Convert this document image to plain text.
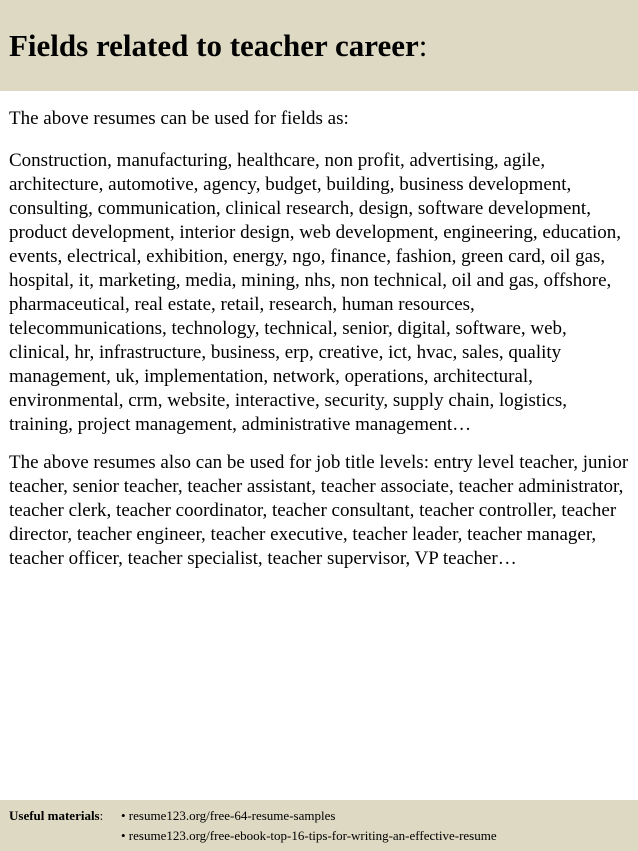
Fields related to teacher career:

The above resumes can be used for fields as:

Construction, manufacturing, healthcare, non profit, advertising, agile, architecture, automotive, agency, budget, building, business development, consulting, communication, clinical research, design, software development, product development, interior design, web development, engineering, education, events, electrical, exhibition, energy, ngo, finance, fashion, green card, oil gas, hospital, it, marketing, media, mining, nhs, non technical, oil and gas, offshore, pharmaceutical, real estate, retail, research, human resources, telecommunications, technology, technical, senior, digital, software, web, clinical, hr, infrastructure, business, erp, creative, ict, hvac, sales, quality management, uk, implementation, network, operations, architectural, environmental, crm, website, interactive, security, supply chain, logistics, training, project management, administrative management…

The above resumes also can be used for job title levels: entry level teacher, junior teacher, senior teacher, teacher assistant, teacher associate, teacher administrator, teacher clerk, teacher coordinator, teacher consultant, teacher controller, teacher director, teacher engineer, teacher executive, teacher leader, teacher manager, teacher officer, teacher specialist, teacher supervisor, VP teacher…

Useful materials: • resume123.org/free-64-resume-samples
• resume123.org/free-ebook-top-16-tips-for-writing-an-effective-resume
